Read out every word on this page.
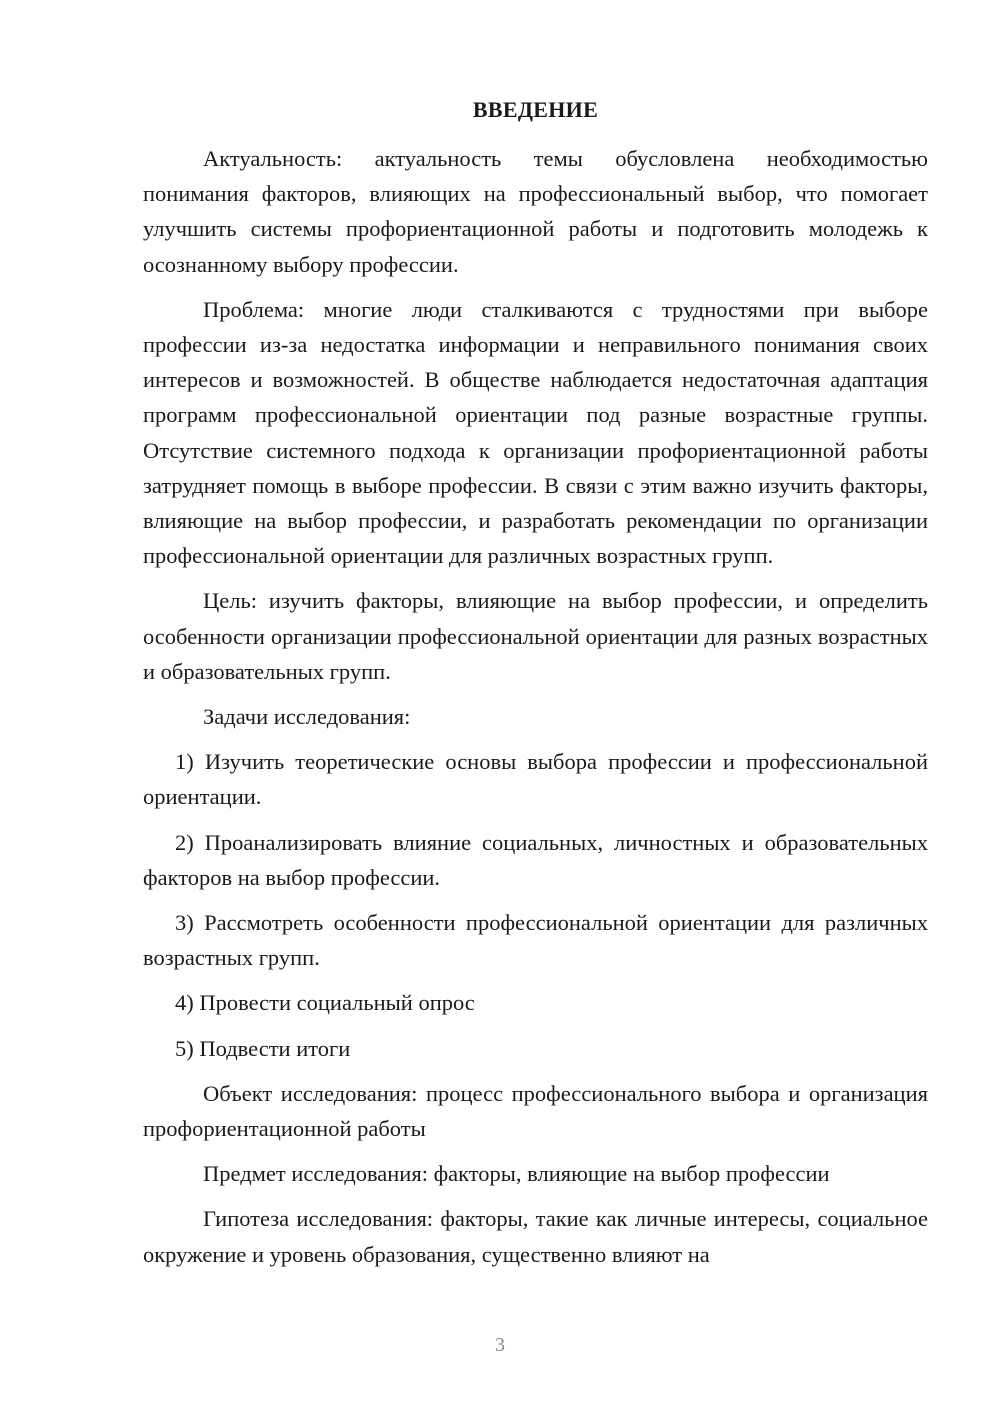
ВВЕДЕНИЕ

Актуальность: актуальность темы обусловлена необходимостью понимания факторов, влияющих на профессиональный выбор, что помогает улучшить системы профориентационной работы и подготовить молодежь к осознанному выбору профессии.

Проблема: многие люди сталкиваются с трудностями при выборе профессии из-за недостатка информации и неправильного понимания своих интересов и возможностей. В обществе наблюдается недостаточная адаптация программ профессиональной ориентации под разные возрастные группы. Отсутствие системного подхода к организации профориентационной работы затрудняет помощь в выборе профессии. В связи с этим важно изучить факторы, влияющие на выбор профессии, и разработать рекомендации по организации профессиональной ориентации для различных возрастных групп.

Цель: изучить факторы, влияющие на выбор профессии, и определить особенности организации профессиональной ориентации для разных возрастных и образовательных групп.

Задачи исследования:

1) Изучить теоретические основы выбора профессии и профессиональной ориентации.

2) Проанализировать влияние социальных, личностных и образовательных факторов на выбор профессии.

3) Рассмотреть особенности профессиональной ориентации для различных возрастных групп.

4) Провести социальный опрос

5) Подвести итоги

Объект исследования: процесс профессионального выбора и организация профориентационной работы

Предмет исследования: факторы, влияющие на выбор профессии

Гипотеза исследования: факторы, такие как личные интересы, социальное окружение и уровень образования, существенно влияют на

3
